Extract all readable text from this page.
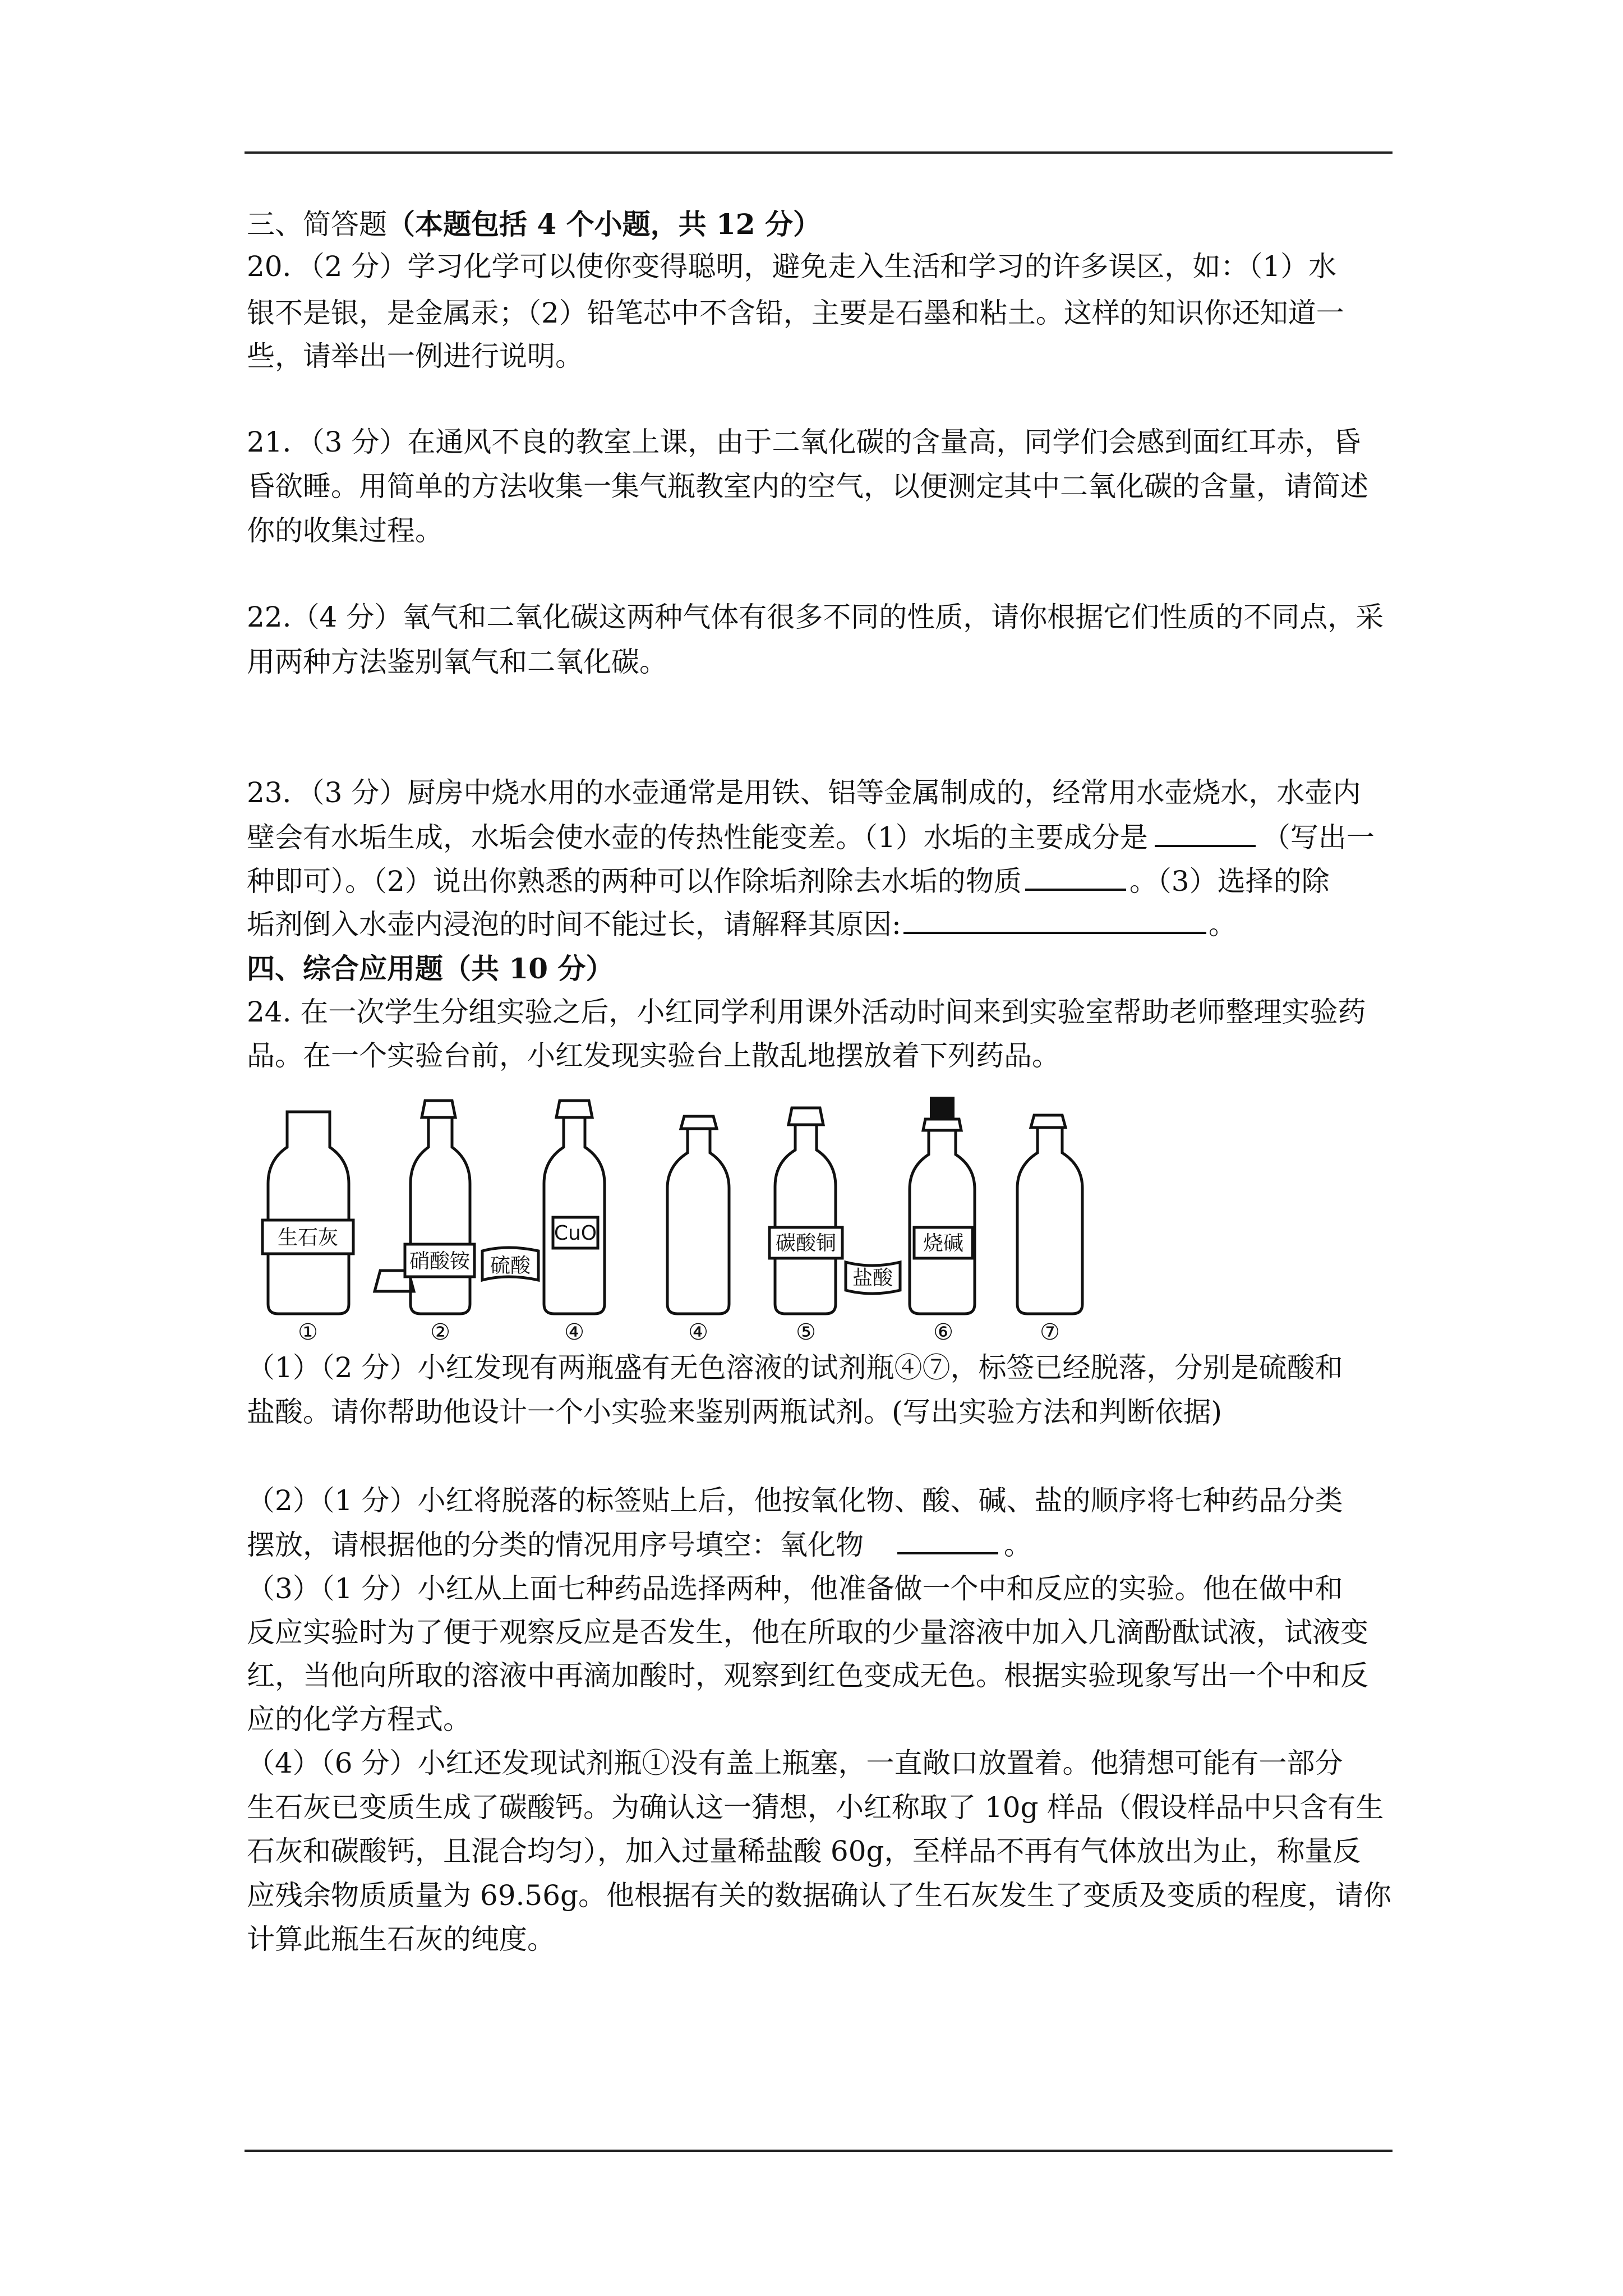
三、简答题（本题包括 4 个小题，共 12 分）
20．（2 分）学习化学可以使你变得聪明，避免走入生活和学习的许多误区，如：（1）水
银不是银，是金属汞；（2）铅笔芯中不含铅，主要是石墨和粘土。这样的知识你还知道一
些，请举出一例进行说明。
21．（3 分）在通风不良的教室上课，由于二氧化碳的含量高，同学们会感到面红耳赤，昏
昏欲睡。用简单的方法收集一集气瓶教室内的空气，以便测定其中二氧化碳的含量，请简述
你的收集过程。
22.（4 分）氧气和二氧化碳这两种气体有很多不同的性质，请你根据它们性质的不同点，采
用两种方法鉴别氧气和二氧化碳。
23．（3 分）厨房中烧水用的水壶通常是用铁、铝等金属制成的，经常用水壶烧水，水壶内
壁会有水垢生成，水垢会使水壶的传热性能变差。（1）水垢的主要成分是	（写出一
种即可）。（2）说出你熟悉的两种可以作除垢剂除去水垢的物质	。（3）选择的除
垢剂倒入水壶内浸泡的时间不能过长，请解释其原因:	。
四、综合应用题（共 10 分）
24. 在一次学生分组实验之后，小红同学利用课外活动时间来到实验室帮助老师整理实验药
品。在一个实验台前，小红发现实验台上散乱地摆放着下列药品。
生石灰
①
硝酸铵
②
硫酸
CuO
④	④
碳酸铜
⑤
盐酸
烧碱
⑥	⑦
（1）（2 分）小红发现有两瓶盛有无色溶液的试剂瓶④⑦，标签已经脱落，分别是硫酸和
盐酸。请你帮助他设计一个小实验来鉴别两瓶试剂。(写出实验方法和判断依据)
（2）（1 分）小红将脱落的标签贴上后，他按氧化物、酸、碱、盐的顺序将七种药品分类
摆放，请根据他的分类的情况用序号填空：氧化物	。
（3）（1 分）小红从上面七种药品选择两种，他准备做一个中和反应的实验。他在做中和
反应实验时为了便于观察反应是否发生，他在所取的少量溶液中加入几滴酚酞试液，试液变
红，当他向所取的溶液中再滴加酸时，观察到红色变成无色。根据实验现象写出一个中和反
应的化学方程式。
（4）（6 分）小红还发现试剂瓶①没有盖上瓶塞，一直敞口放置着。他猜想可能有一部分
生石灰已变质生成了碳酸钙。为确认这一猜想，小红称取了 10g 样品（假设样品中只含有生
石灰和碳酸钙，且混合均匀），加入过量稀盐酸 60g，至样品不再有气体放出为止，称量反
应残余物质质量为 69.56g。他根据有关的数据确认了生石灰发生了变质及变质的程度，请你
计算此瓶生石灰的纯度。
